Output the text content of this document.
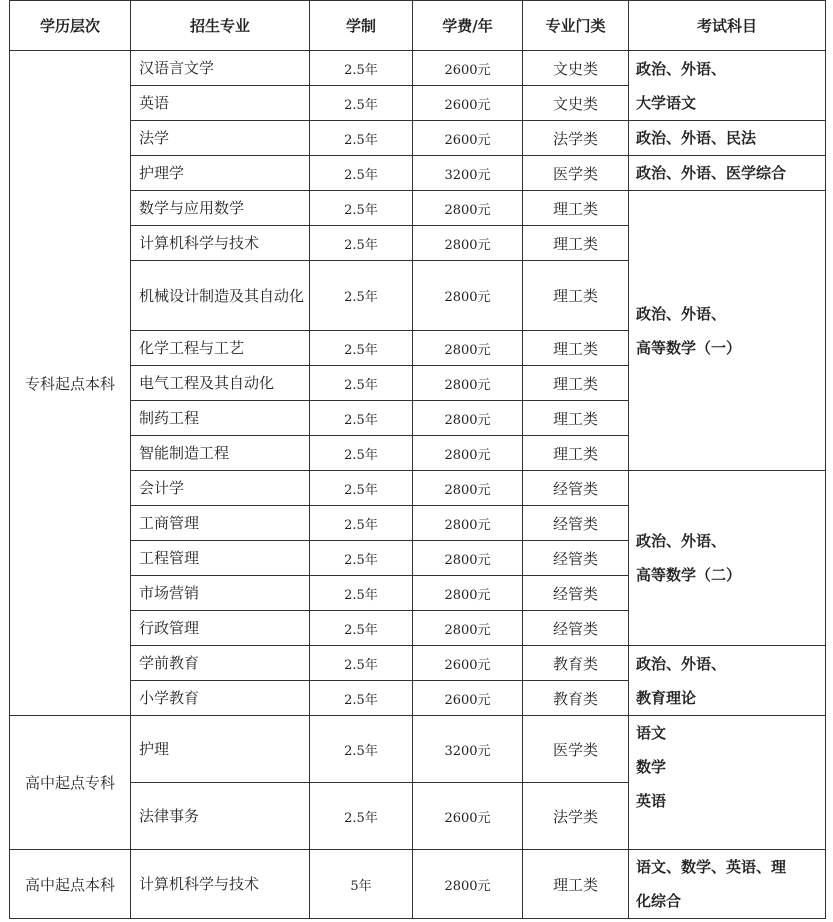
学历层次	招生专业	学制	学费/年	专业门类	考试科目
专科起点本科	汉语言文学	2.5年	2600元	文史类	政治、外语、
大学语文

	英语	2.5年	2600元	文史类	
	法学	2.5年	2600元	法学类	政治、外语、民法

	护理学	2.5年	3200元	医学类	政治、外语、医学综合

	数学与应用数学	2.5年	2800元	理工类	政治、外语、
高等数学（一）

	计算机科学与技术	2.5年	2800元	理工类	
	机械设计制造及其自动化	2.5年	2800元	理工类	
	化学工程与工艺	2.5年	2800元	理工类	
	电气工程及其自动化	2.5年	2800元	理工类	
	制药工程	2.5年	2800元	理工类	
	智能制造工程	2.5年	2800元	理工类	
	会计学	2.5年	2800元	经管类	政治、外语、
高等数学（二）

	工商管理	2.5年	2800元	经管类	
	工程管理	2.5年	2800元	经管类	
	市场营销	2.5年	2800元	经管类	
	行政管理	2.5年	2800元	经管类	
	学前教育	2.5年	2600元	教育类	政治、外语、
教育理论

	小学教育	2.5年	2600元	教育类	
高中起点专科	护理	2.5年	3200元	医学类	语文
数学
英语

	法律事务	2.5年	2600元	法学类	
高中起点本科	计算机科学与技术	5年	2800元	理工类	语文、数学、英语、理
化综合
